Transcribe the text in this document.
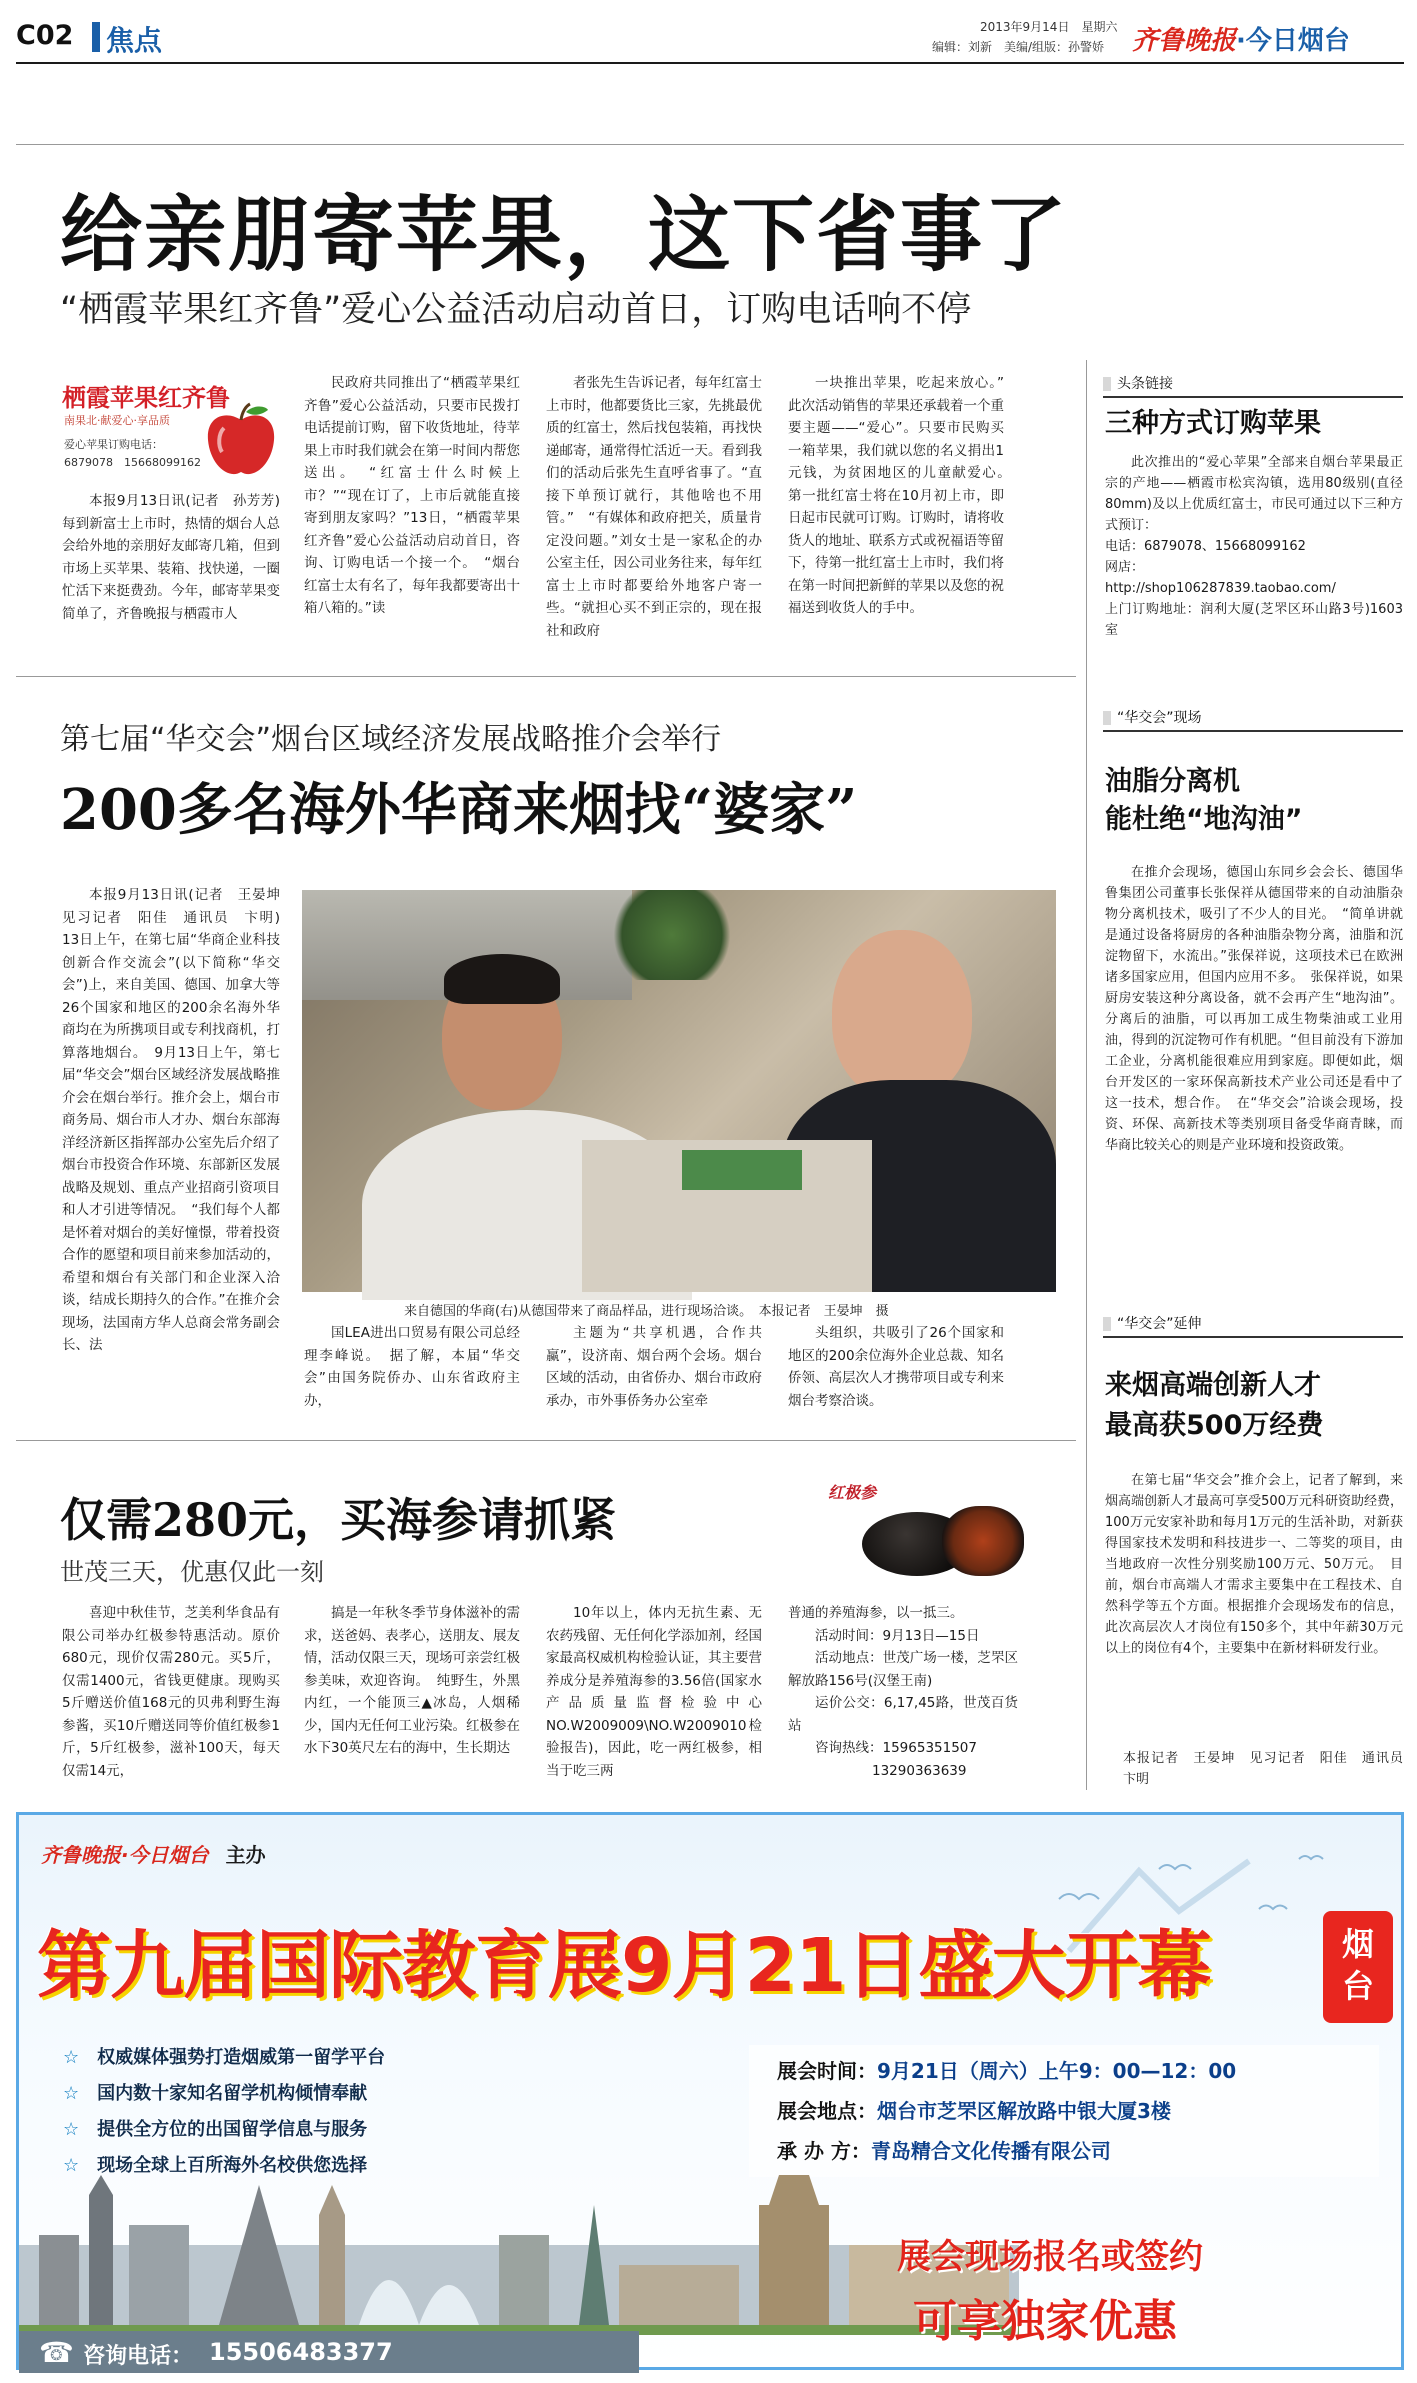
C02 焦点	2013年9月14日　 星期六
编辑：刘新　美编/组版：孙警娇 齐鲁晚报·今日烟台
给亲朋寄苹果，这下省事了
“栖霞苹果红齐鲁”爱心公益活动启动首日，订购电话响不停
栖霞苹果红齐鲁
南果北·献爱心·享品质
爱心苹果订购电话：
6879078　15668099162

本报9月13日讯(记者　孙芳芳)　每到新富士上市时，热情的烟台人总会给外地的亲朋好友邮寄几箱，但到市场上买苹果、装箱、找快递，一圈忙活下来挺费劲。今年，邮寄苹果变简单了，齐鲁晚报与栖霞市人

民政府共同推出了“栖霞苹果红齐鲁”爱心公益活动，只要市民拨打电话提前订购，留下收货地址，待苹果上市时我们就会在第一时间内帮您送出。　“红富士什么时候上市？”“现在订了，上市后就能直接寄到朋友家吗？”13日，“栖霞苹果红齐鲁”爱心公益活动启动首日，咨询、订购电话一个接一个。　“烟台红富士太有名了，每年我都要寄出十箱八箱的。”读

者张先生告诉记者，每年红富士上市时，他都要货比三家，先挑最优质的红富士，然后找包装箱，再找快递邮寄，通常得忙活近一天。看到我们的活动后张先生直呼省事了。“直接下单预订就行，其他啥也不用管。”　“有媒体和政府把关，质量肯定没问题。”刘女士是一家私企的办公室主任，因公司业务往来，每年红富士上市时都要给外地客户寄一些。“就担心买不到正宗的，现在报社和政府

一块推出苹果，吃起来放心。”　此次活动销售的苹果还承载着一个重要主题——“爱心”。只要市民购买一箱苹果，我们就以您的名义捐出1元钱，为贫困地区的儿童献爱心。　第一批红富士将在10月初上市，即日起市民就可订购。订购时，请将收货人的地址、联系方式或祝福语等留下，待第一批红富士上市时，我们将在第一时间把新鲜的苹果以及您的祝福送到收货人的手中。

头条链接
三种方式订购苹果

此次推出的“爱心苹果”全部来自烟台苹果最正宗的产地——栖霞市松宾沟镇，选用80级别(直径80mm)及以上优质红富士，市民可通过以下三种方式预订：

电话：6879078、15668099162
网店：
http://shop106287839.taobao.com/
上门订购地址：润利大厦(芝罘区环山路3号)1603室
第七届“华交会”烟台区域经济发展战略推介会举行
200多名海外华商来烟找“婆家”

本报9月13日讯(记者　王晏坤　见习记者　阳佳　通讯员　卞明)　13日上午，在第七届“华商企业科技创新合作交流会”(以下简称“华交会”)上，来自美国、德国、加拿大等26个国家和地区的200余名海外华商均在为所携项目或专利找商机，打算落地烟台。　9月13日上午，第七届“华交会”烟台区域经济发展战略推介会在烟台举行。推介会上，烟台市商务局、烟台市人才办、烟台东部海洋经济新区指挥部办公室先后介绍了烟台市投资合作环境、东部新区发展战略及规划、重点产业招商引资项目和人才引进等情况。　“我们每个人都是怀着对烟台的美好憧憬，带着投资合作的愿望和项目前来参加活动的，希望和烟台有关部门和企业深入洽谈，结成长期持久的合作。”在推介会现场，法国南方华人总商会常务副会长、法

来自德国的华商(右)从德国带来了商品样品，进行现场洽谈。　本报记者　王晏坤　摄

国LEA进出口贸易有限公司总经理李峰说。　据了解，本届“华交会”由国务院侨办、山东省政府主办，

主题为“共享机遇，合作共赢”，设济南、烟台两个会场。烟台区域的活动，由省侨办、烟台市政府承办，市外事侨务办公室牵

头组织，共吸引了26个国家和地区的200余位海外企业总裁、知名侨领、高层次人才携带项目或专利来烟台考察洽谈。

“华交会”现场
油脂分离机
能杜绝“地沟油”

在推介会现场，德国山东同乡会会长、德国华鲁集团公司董事长张保祥从德国带来的自动油脂杂物分离机技术，吸引了不少人的目光。　“简单讲就是通过设备将厨房的各种油脂杂物分离，油脂和沉淀物留下，水流出。”张保祥说，这项技术已在欧洲诸多国家应用，但国内应用不多。　张保祥说，如果厨房安装这种分离设备，就不会再产生“地沟油”。分离后的油脂，可以再加工成生物柴油或工业用油，得到的沉淀物可作有机肥。“但目前没有下游加工企业，分离机能很难应用到家庭。即便如此，烟台开发区的一家环保高新技术产业公司还是看中了这一技术，想合作。　在“华交会”洽谈会现场，投资、环保、高新技术等类别项目备受华商青睐，而华商比较关心的则是产业环境和投资政策。

“华交会”延伸
来烟高端创新人才
最高获500万经费

在第七届“华交会”推介会上，记者了解到，来烟高端创新人才最高可享受500万元科研资助经费，100万元安家补助和每月1万元的生活补助，对新获得国家技术发明和科技进步一、二等奖的项目，由当地政府一次性分别奖励100万元、50万元。　目前，烟台市高端人才需求主要集中在工程技术、自然科学等五个方面。根据推介会现场发布的信息，此次高层次人才岗位有150多个，其中年薪30万元以上的岗位有4个，主要集中在新材料研发行业。

本报记者　王晏坤　见习记者　阳佳　通讯员　卞明

仅需280元，买海参请抓紧
世茂三天，优惠仅此一刻
红极参

喜迎中秋佳节，芝美利华食品有限公司举办红极参特惠活动。原价680元，现价仅需280元。买5斤，仅需1400元，省钱更健康。现购买5斤赠送价值168元的贝弗利野生海参酱，买10斤赠送同等价值红极参1斤，5斤红极参，滋补100天，每天仅需14元，

搞是一年秋冬季节身体滋补的需求，送爸妈、表孝心，送朋友、展友情，活动仅限三天，现场可亲尝红极参美味，欢迎咨询。　纯野生，外黑内红，一个能顶三▲冰岛，人烟稀少，国内无任何工业污染。红极参在水下30英尺左右的海中，生长期达

10年以上，体内无抗生素、无农药残留、无任何化学添加剂，经国家最高权威机构检验认证，其主要营养成分是养殖海参的3.56倍(国家水产品质量监督检验中心NO.W2009009\NO.W2009010检验报告)，因此，吃一两红极参，相当于吃三两

普通的养殖海参，以一抵三。

活动时间：9月13日—15日

活动地点：世茂广场一楼，芝罘区解放路156号(汉堡王南)

运价公交：6,17,45路，世茂百货站

咨询热线：15965351507

13290363639

齐鲁晚报·今日烟台 主办
第九届国际教育展9月21日盛大开幕	烟台
☆ 权威媒体强势打造烟威第一留学平台
☆ 国内数十家知名留学机构倾情奉献
☆ 提供全方位的出国留学信息与服务
☆ 现场全球上百所海外名校供您选择
展会时间：9月21日（周六）上午9：00—12：00
展会地点：烟台市芝罘区解放路中银大厦3楼
承 办 方：青岛精合文化传播有限公司
☎ 咨询电话： 15506483377
展会现场报名或签约
可享独家优惠
